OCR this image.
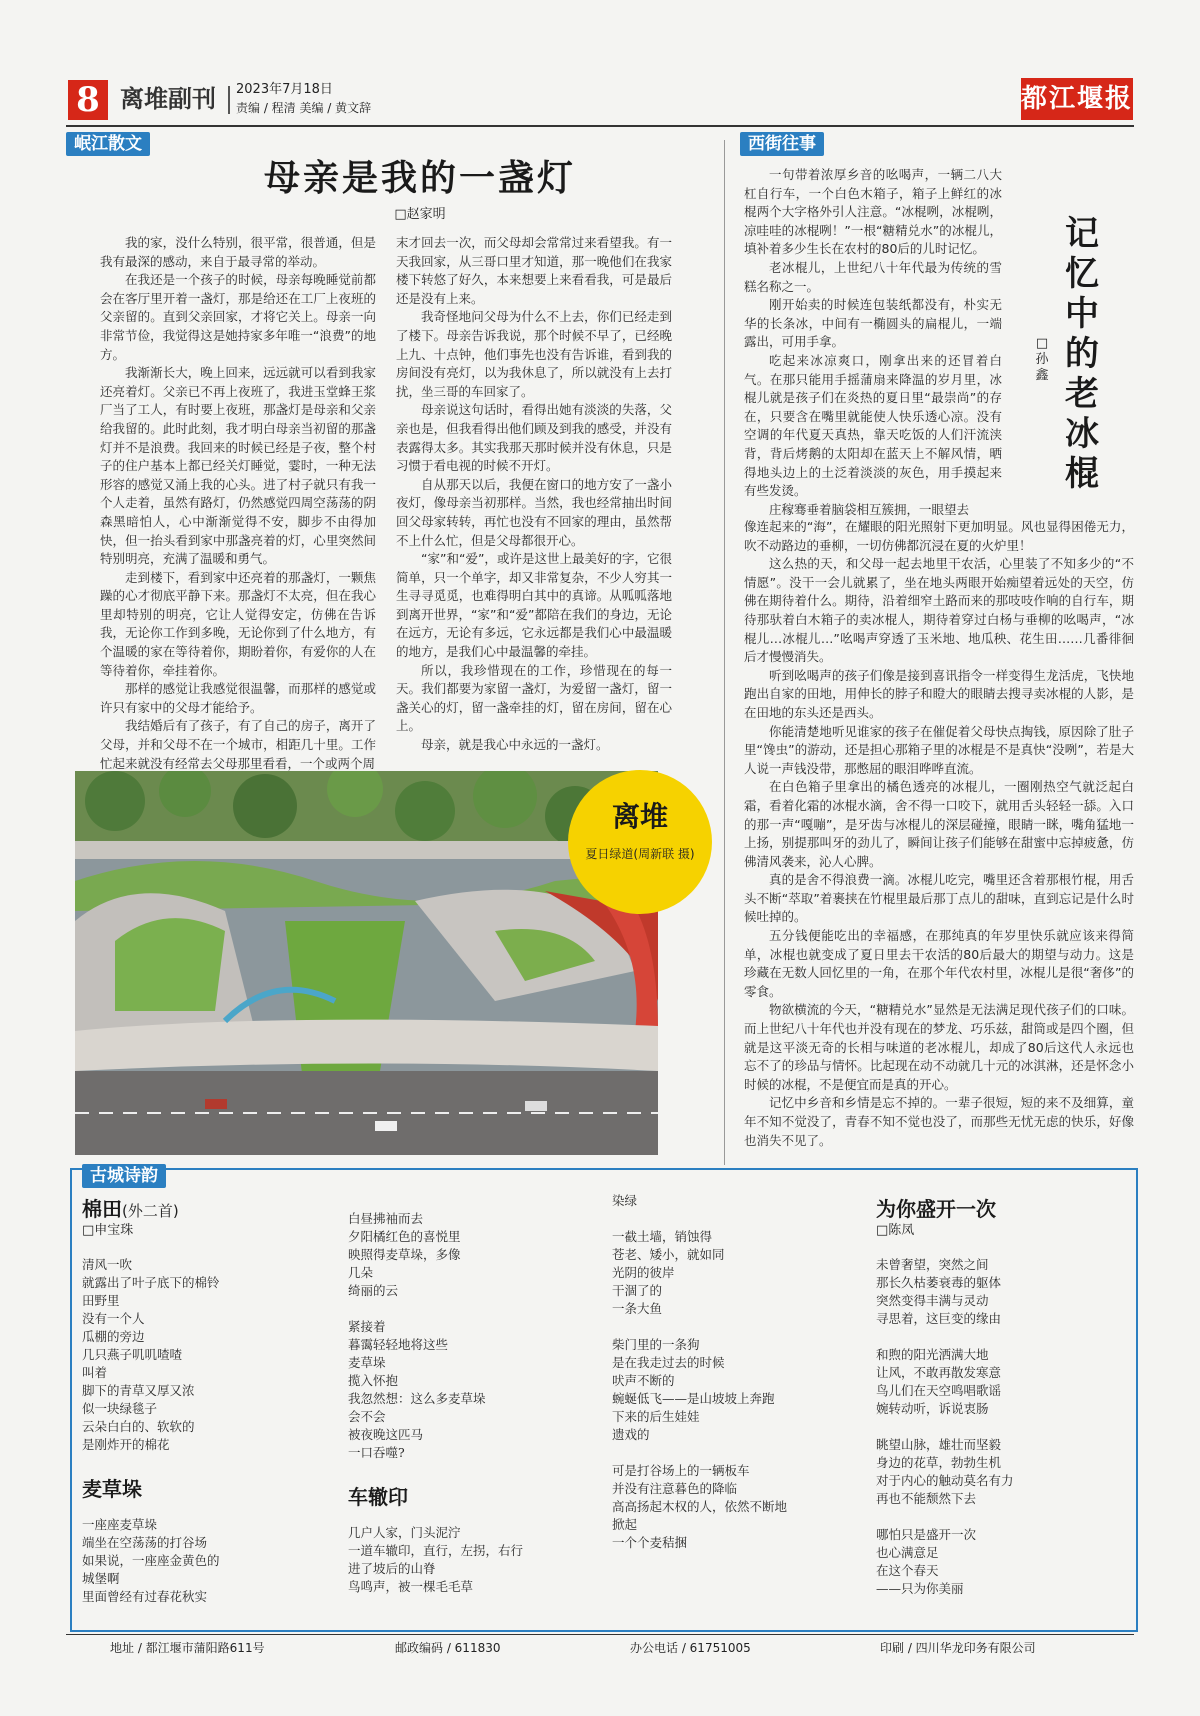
8 离堆副刊 2023年7月18日
责编 / 程清 美编 / 黄文辞	都江堰报
岷江散文
母亲是我的一盏灯
□赵家明

我的家，没什么特别，很平常，很普通，但是我有最深的感动，来自于最寻常的举动。

在我还是一个孩子的时候，母亲每晚睡觉前都会在客厅里开着一盏灯，那是给还在工厂上夜班的父亲留的。直到父亲回家，才将它关上。母亲一向非常节俭，我觉得这是她持家多年唯一“浪费”的地方。

我渐渐长大，晚上回来，远远就可以看到我家还亮着灯。父亲已不再上夜班了，我进玉堂蜂王浆厂当了工人，有时要上夜班，那盏灯是母亲和父亲给我留的。此时此刻，我才明白母亲当初留的那盏灯并不是浪费。我回来的时候已经是子夜，整个村子的住户基本上都已经关灯睡觉，霎时，一种无法形容的感觉又涌上我的心头。进了村子就只有我一个人走着，虽然有路灯，仍然感觉四周空荡荡的阴森黑暗怕人，心中渐渐觉得不安，脚步不由得加快，但一抬头看到家中那盏亮着的灯，心里突然间特别明亮，充满了温暖和勇气。

走到楼下，看到家中还亮着的那盏灯，一颗焦躁的心才彻底平静下来。那盏灯不太亮，但在我心里却特别的明亮，它让人觉得安定，仿佛在告诉我，无论你工作到多晚，无论你到了什么地方，有个温暖的家在等待着你，期盼着你，有爱你的人在等待着你，牵挂着你。

那样的感觉让我感觉很温馨，而那样的感觉或许只有家中的父母才能给予。

我结婚后有了孩子，有了自己的房子，离开了父母，并和父母不在一个城市，相距几十里。工作忙起来就没有经常去父母那里看看，一个或两个周

末才回去一次，而父母却会常常过来看望我。有一天我回家，从三哥口里才知道，那一晚他们在我家楼下转悠了好久，本来想要上来看看我，可是最后还是没有上来。

我奇怪地问父母为什么不上去，你们已经走到了楼下。母亲告诉我说，那个时候不早了，已经晚上九、十点钟，他们事先也没有告诉谁，看到我的房间没有亮灯，以为我休息了，所以就没有上去打扰，坐三哥的车回家了。

母亲说这句话时，看得出她有淡淡的失落，父亲也是，但我看得出他们顾及到我的感受，并没有表露得太多。其实我那天那时候并没有休息，只是习惯于看电视的时候不开灯。

自从那天以后，我便在窗口的地方安了一盏小夜灯，像母亲当初那样。当然，我也经常抽出时间回父母家转转，再忙也没有不回家的理由，虽然帮不上什么忙，但是父母都很开心。

“家”和“爱”，或许是这世上最美好的字，它很简单，只一个单字，却又非常复杂，不少人穷其一生寻寻觅觅，也难得明白其中的真谛。从呱呱落地到离开世界，“家”和“爱”都陪在我们的身边，无论在远方，无论有多远，它永远都是我们心中最温暖的地方，是我们心中最温馨的牵挂。

所以，我珍惜现在的工作，珍惜现在的每一天。我们都要为家留一盏灯，为爱留一盏灯，留一盏关心的灯，留一盏牵挂的灯，留在房间，留在心上。

母亲，就是我心中永远的一盏灯。

离堆
夏日绿道(周新联 摄)
西街往事
记忆中的老冰棍
□孙鑫

一句带着浓厚乡音的吆喝声，一辆二八大杠自行车，一个白色木箱子，箱子上鲜红的冰棍两个大字格外引人注意。“冰棍咧，冰棍咧，凉哇哇的冰棍咧！”一根“糖精兑水”的冰棍儿，填补着多少生长在农村的80后的儿时记忆。

老冰棍儿，上世纪八十年代最为传统的雪糕名称之一。

刚开始卖的时候连包装纸都没有，朴实无华的长条冰，中间有一椭圆头的扁棍儿，一端露出，可用手拿。

吃起来冰凉爽口，刚拿出来的还冒着白气。在那只能用手摇蒲扇来降温的岁月里，冰棍儿就是孩子们在炎热的夏日里“最崇尚”的存在，只要含在嘴里就能使人快乐透心凉。没有空调的年代夏天真热，靠天吃饭的人们汗流浃背，背后烤鹅的太阳却在蓝天上不解风情，晒得地头边上的土泛着淡淡的灰色，用手摸起来有些发烫。

庄稼骞垂着脑袋相互簇拥，一眼望去

像连起来的“海”，在耀眼的阳光照射下更加明显。风也显得困倦无力，吹不动路边的垂柳，一切仿佛都沉浸在夏的火炉里！

这么热的天，和父母一起去地里干农活，心里装了不知多少的“不情愿”。没干一会儿就累了，坐在地头两眼开始痴望着远处的天空，仿佛在期待着什么。期待，沿着细窄土路而来的那吱吱作响的自行车，期待那驮着白木箱子的卖冰棍人，期待着穿过白杨与垂柳的吆喝声，“冰棍儿…冰棍儿…”吆喝声穿透了玉米地、地瓜秧、花生田……几番徘徊后才慢慢消失。

听到吆喝声的孩子们像是接到喜讯指令一样变得生龙活虎，飞快地跑出自家的田地，用伸长的脖子和瞪大的眼睛去搜寻卖冰棍的人影，是在田地的东头还是西头。

你能清楚地听见谁家的孩子在催促着父母快点掏钱，原因除了肚子里“馋虫”的游动，还是担心那箱子里的冰棍是不是真快“没咧”，若是大人说一声钱没带，那憋屈的眼泪哗哗直流。

在白色箱子里拿出的橘色透亮的冰棍儿，一圈刚热空气就泛起白霜，看着化霜的冰棍水滴，舍不得一口咬下，就用舌头轻轻一舔。入口的那一声“嘎嘣”，是牙齿与冰棍儿的深层碰撞，眼睛一眯，嘴角猛地一上扬，别提那叫牙的劲儿了，瞬间让孩子们能够在甜蜜中忘掉疲惫，仿佛清风袭来，沁人心脾。

真的是舍不得浪费一滴。冰棍儿吃完，嘴里还含着那根竹棍，用舌头不断“萃取”着裹挟在竹棍里最后那丁点儿的甜味，直到忘记是什么时候吐掉的。

五分钱便能吃出的幸福感，在那纯真的年岁里快乐就应该来得简单，冰棍也就变成了夏日里去干农活的80后最大的期望与动力。这是珍藏在无数人回忆里的一角，在那个年代农村里，冰棍儿是很“奢侈”的零食。

物欲横流的今天，“糖精兑水”显然是无法满足现代孩子们的口味。而上世纪八十年代也并没有现在的梦龙、巧乐兹，甜筒或是四个圈，但就是这平淡无奇的长相与味道的老冰棍儿，却成了80后这代人永远也忘不了的珍品与情怀。比起现在动不动就几十元的冰淇淋，还是怀念小时候的冰棍，不是便宜而是真的开心。

记忆中乡音和乡情是忘不掉的。一辈子很短，短的来不及细算，童年不知不觉没了，青春不知不觉也没了，而那些无忧无虑的快乐，好像也消失不见了。

古城诗韵
棉田(外二首)
□申宝珠
清风一吹
就露出了叶子底下的棉铃
田野里
没有一个人
瓜棚的旁边
几只燕子叽叽喳喳
叫着
脚下的青草又厚又浓
似一块绿毯子
云朵白白的、软软的
是刚炸开的棉花
麦草垛
一座座麦草垛
端坐在空荡荡的打谷场
如果说，一座座金黄色的
城堡啊
里面曾经有过春花秋实
白昼拂袖而去
夕阳橘红色的喜悦里
映照得麦草垛，多像
几朵
绮丽的云
紧接着
暮霭轻轻地将这些
麦草垛
揽入怀抱
我忽然想：这么多麦草垛
会不会
被夜晚这匹马
一口吞噬?
车辙印
几户人家，门头泥泞
一道车辙印，直行，左拐，右行
进了坡后的山脊
鸟鸣声，被一棵毛毛草
染绿
一截土墙，销蚀得
苍老、矮小，就如同
光阴的彼岸
干涸了的
一条大鱼
柴门里的一条狗
是在我走过去的时候
吠声不断的
蜿蜒低飞——是山坡坡上奔跑
下来的后生娃娃
遗戏的
可是打谷场上的一辆板车
并没有注意暮色的降临
高高扬起木权的人，依然不断地
掀起
一个个麦秸捆
为你盛开一次
□陈凤
未曾奢望，突然之间
那长久枯萎衰毒的躯体
突然变得丰满与灵动
寻思着，这巨变的缘由
和煦的阳光洒满大地
让风，不敢再散发寒意
鸟儿们在天空鸣唱歌谣
婉转动听，诉说衷肠
眺望山脉，雄壮而坚毅
身边的花草，勃勃生机
对于内心的触动莫名有力
再也不能颓然下去
哪怕只是盛开一次
也心满意足
在这个春天
——只为你美丽
地址 / 都江堰市蒲阳路611号	邮政编码 / 611830	办公电话 / 61751005	印刷 / 四川华龙印务有限公司
